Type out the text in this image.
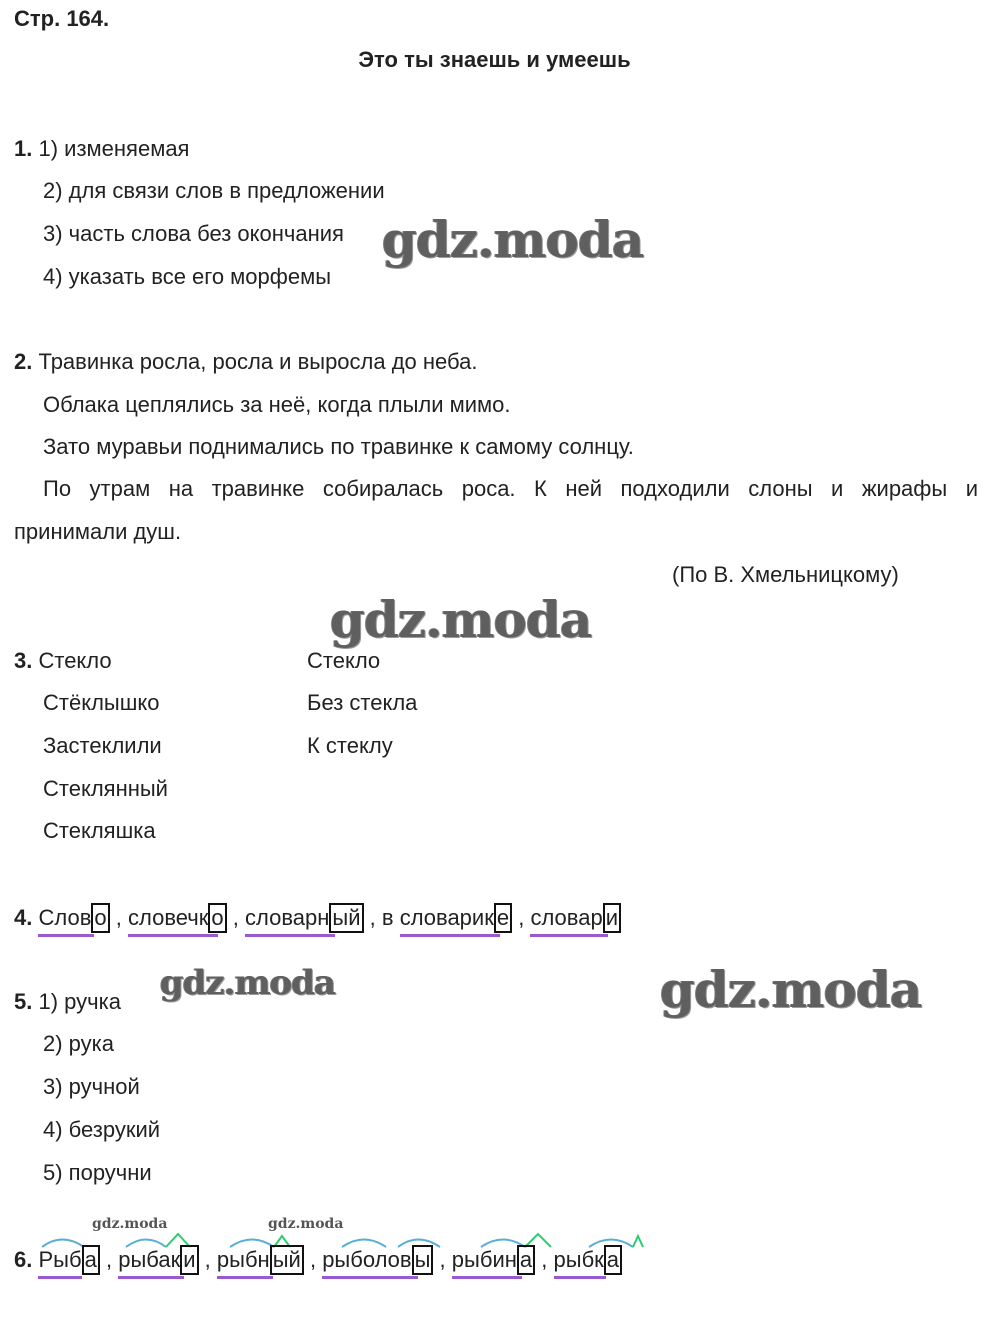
Стр. 164.
Это ты знаешь и умеешь
1. 1) изменяемая
2) для связи слов в предложении
3) часть слова без окончания
4) указать все его морфемы
2. Травинка росла, росла и выросла до неба.
Облака цеплялись за неё, когда плыли мимо.
Зато муравьи поднимались по травинке к самому солнцу.
По утрам на травинке собиралась роса. К ней подходили слоны и жирафы и
принимали душ.
(По В. Хмельницкому)
3. Стекло
Стёклышко
Застеклили
Стеклянный
Стекляшка
Стекло
Без стекла
К стеклу
4. Слов о , словечк о , словарн ый , в словарик е , словар и
5. 1) ручка
2) рука
3) ручной
4) безрукий
5) поручни
6. Рыб а , рыбак и , рыбн ый , рыболов ы , рыбин а , рыбк а
gdz.moda
gdz.moda
gdz.moda	gdz.moda
gdz.moda	gdz.moda
